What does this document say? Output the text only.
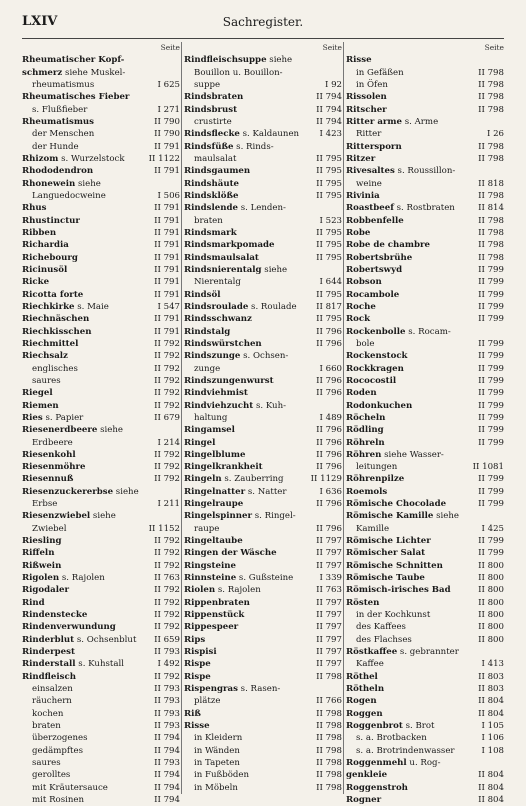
LXIV	Sachregister.
Seite
Rheumatischer Kopf-
schmerz siehe Muskel-
rheumatismus	I 625
Rheumatisches Fieber
s. Flußfieber	I 271
Rheumatismus	II 790
der Menschen	II 790
der Hunde	II 791
Rhizom s. Wurzelstock	II 1122
Rhododendron	II 791
Rhonewein siehe
Languedocweine	I 506
Rhus	II 791
Rhustinctur	II 791
Ribben	II 791
Richardia	II 791
Richebourg	II 791
Ricinusöl	II 791
Ricke	II 791
Ricotta forte	II 791
Riechkirke s. Maie	I 547
Riechnäschen	II 791
Riechkisschen	II 791
Riechmittel	II 792
Riechsalz	II 792
englisches	II 792
saures	II 792
Riegel	II 792
Riemen	II 792
Ries s. Papier	II 679
Riesenerdbeere siehe
Erdbeere	I 214
Riesenkohl	II 792
Riesenmöhre	II 792
Riesennuß	II 792
Riesenzuckererbse siehe
Erbse	I 211
Riesenzwiebel siehe
Zwiebel	II 1152
Riesling	II 792
Riffeln	II 792
Rißwein	II 792
Rigolen s. Rajolen	II 763
Rigodaler	II 792
Rind	II 792
Rindenstecke	II 792
Rindenverwundung	II 792
Rinderblut s. Ochsenblut II 659
Rinderpest	II 793
Rinderstall s. Kuhstall	I 492
Rindfleisch	II 792
einsalzen	II 793
räuchern	II 793
kochen	II 793
braten	II 793
überzogenes	II 794
gedämpftes	II 794
saures	II 793
gerolltes	II 794
mit Kräutersauce	II 794
mit Rosinen	II 794
Seite
Rindfleischsuppe siehe
Bouillon u. Bouillon-
suppe	I 92
Rindsbraten	II 794
Rindsbrust	II 794
crustirte	II 794
Rindsflecke s. Kaldaunen I 423
Rindsfüße s. Rinds-
maulsalat	II 795
Rindsgaumen	II 795
Rindshäute	II 795
Rindsklöße	II 795
Rindslende s. Lenden-
braten	I 523
Rindsmark	II 795
Rindsmarkpomade	II 795
Rindsmaulsalat	II 795
Rindsnierentalg siehe
Nierentalg	I 644
Rindsöl	II 795
Rindsroulade s. Roulade II 817
Rindsschwanz	II 795
Rindstalg	II 796
Rindswürstchen	II 796
Rindszunge s. Ochsen-
zunge	I 660
Rindszungenwurst	II 796
Rindviehmist	II 796
Rindviehzucht s. Kuh-
haltung	I 489
Ringamsel	II 796
Ringel	II 796
Ringelblume	II 796
Ringelkrankheit	II 796
Ringeln s. Zauberring	II 1129
Ringelnatter s. Natter	I 636
Ringelraupe	II 796
Ringelspinner s. Ringel-
raupe	II 796
Ringeltaube	II 797
Ringen der Wäsche	II 797
Ringsteine	II 797
Rinnsteine s. Gußsteine	I 339
Riolen s. Rajolen	II 763
Rippenbraten	II 797
Rippenstück	II 797
Rippespeer	II 797
Rips	II 797
Rispisi	II 797
Rispe	II 797
Rispe	II 798
Rispengras s. Rasen-
plätze	II 766
Riß	II 798
Risse	II 798
in Kleidern	II 798
in Wänden	II 798
in Tapeten	II 798
in Fußböden	II 798
in Möbeln	II 798
Seite
Risse
in Gefäßen	II 798
in Öfen	II 798
Rissolen	II 798
Ritscher	II 798
Ritter arme s. Arme
Ritter	I 26
Rittersporn	II 798
Ritzer	II 798
Rivesaltes s. Roussillon-
weine	II 818
Rivinia	II 798
Roastbeef s. Rostbraten	II 814
Robbenfelle	II 798
Robe	II 798
Robe de chambre	II 798
Robertsbrühe	II 798
Robertswyd	II 799
Robson	II 799
Rocambole	II 799
Roche	II 799
Rock	II 799
Rockenbolle s. Rocam-
bole	II 799
Rockenstock	II 799
Rockkragen	II 799
Rococostil	II 799
Roden	II 799
Rodonkuchen	II 799
Röcheln	II 799
Rödling	II 799
Röhreln	II 799
Röhren siehe Wasser-
leitungen	II 1081
Röhrenpilze	II 799
Roemols	II 799
Römische Chocolade	II 799
Römische Kamille siehe
Kamille	I 425
Römische Lichter	II 799
Römischer Salat	II 799
Römische Schnitten	II 800
Römische Taube	II 800
Römisch-irisches Bad	II 800
Rösten	II 800
in der Kochkunst	II 800
des Kaffees	II 800
des Flachses	II 800
Röstkaffee s. gebrannter
Kaffee	I 413
Röthel	II 803
Rötheln	II 803
Rogen	II 804
Roggen	II 804
Roggenbrot s. Brot	I 105
s. a. Brotbacken	I 106
s. a. Brotrindenwasser	I 108
Roggenmehl u. Rog-
genkleie	II 804
Roggenstroh	II 804
Rogner	II 804
